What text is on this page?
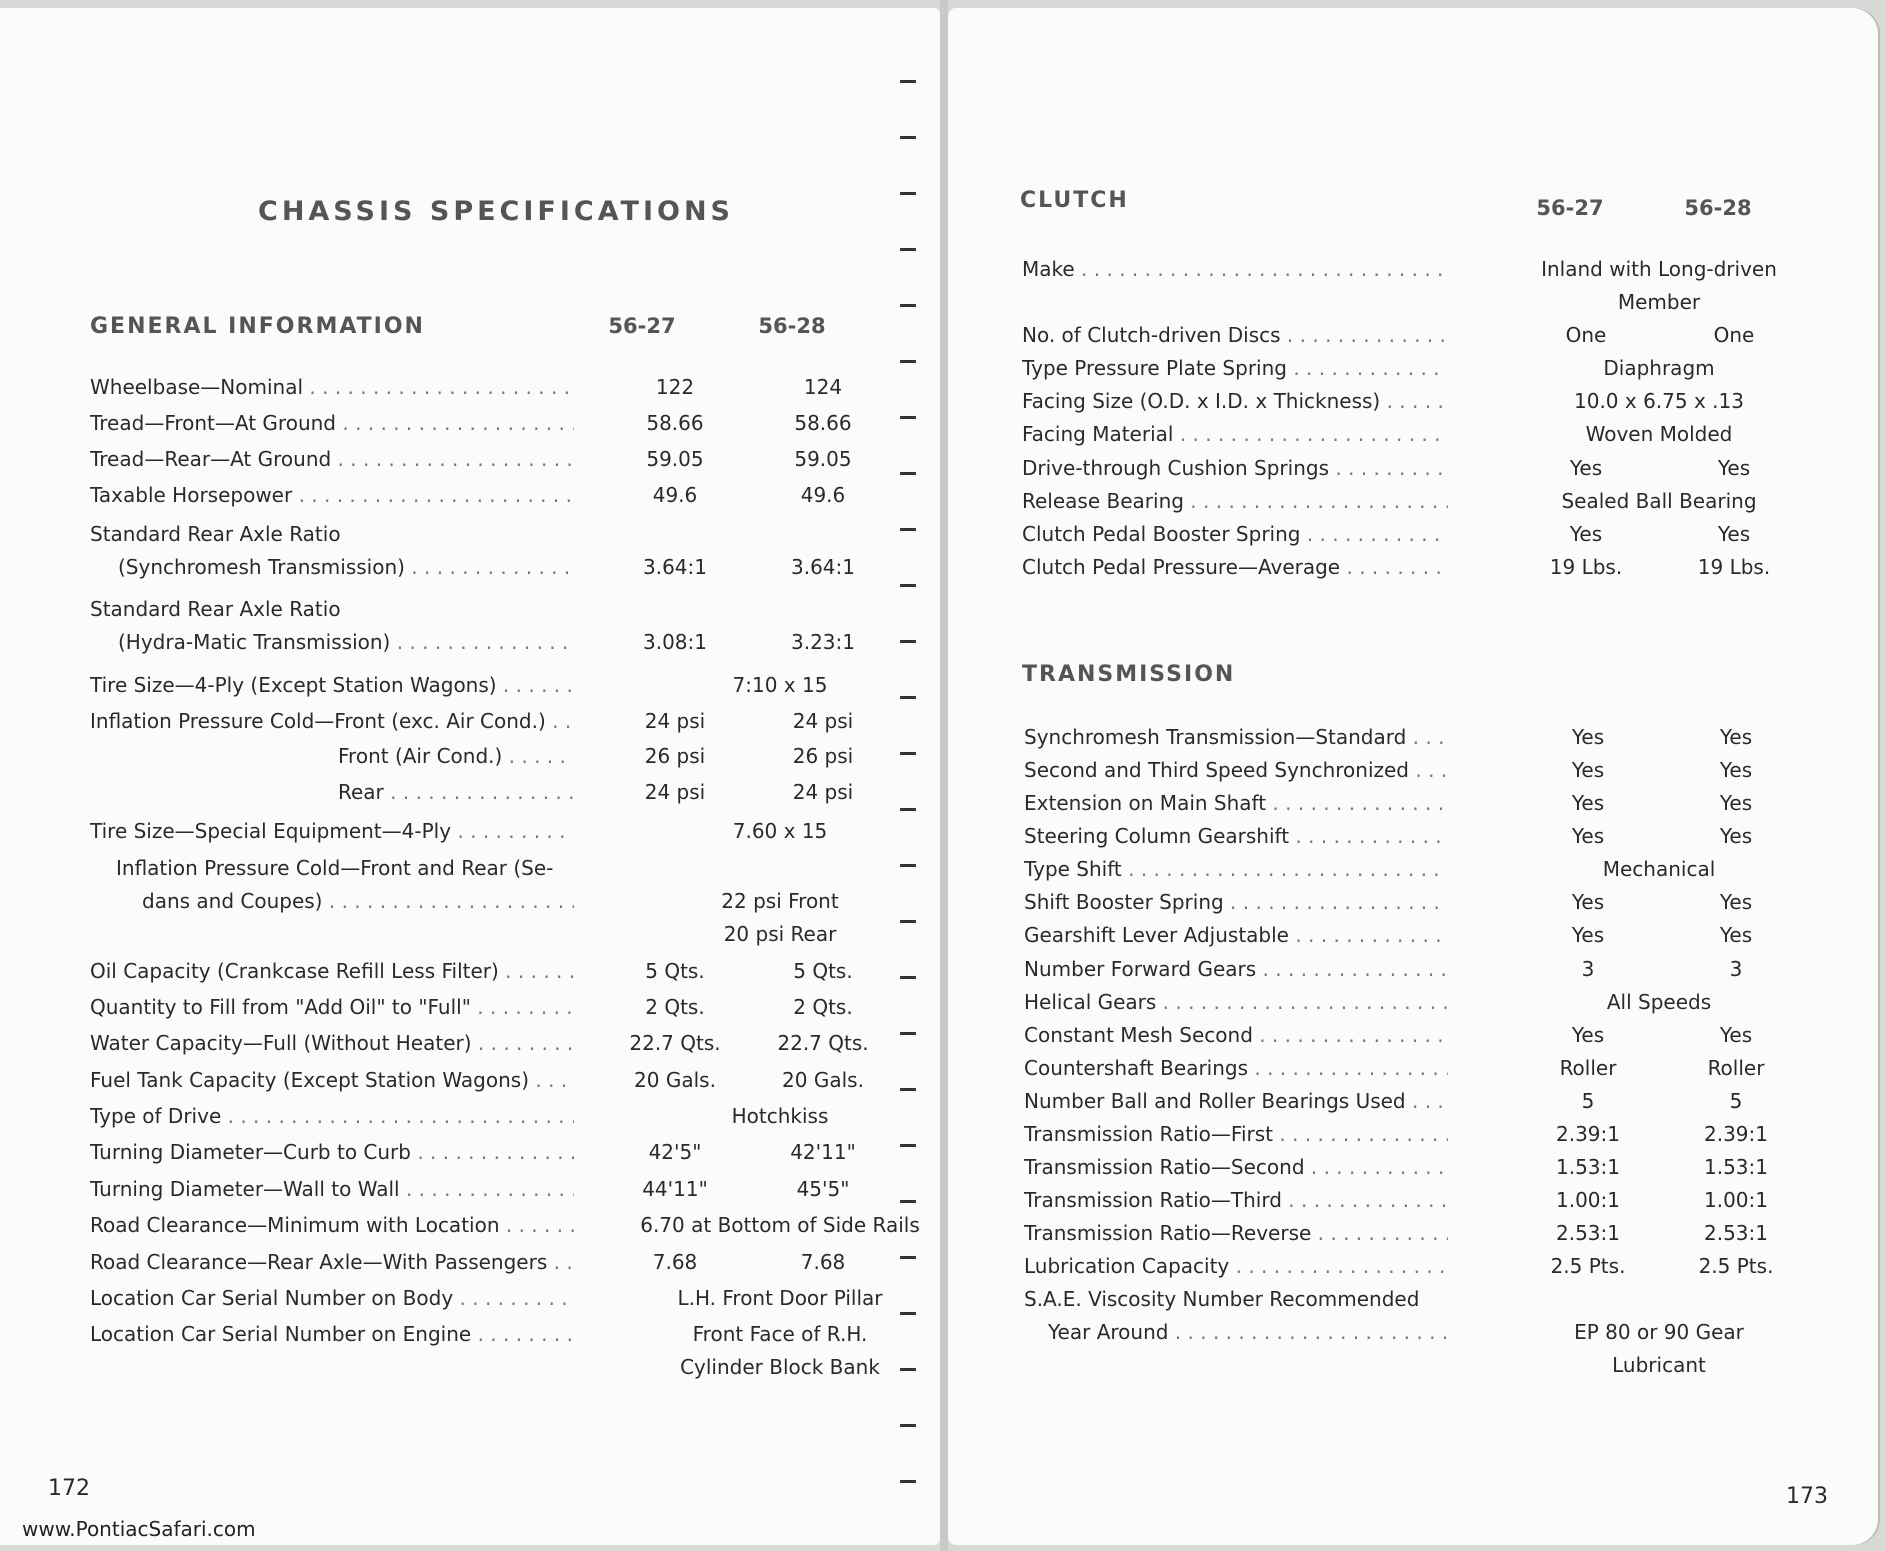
CHASSIS SPECIFICATIONS
GENERAL INFORMATION	56-27	56-28
Wheelbase—Nominal . . .	122	124
Tread—Front—At Ground . . .	58.66	58.66
Tread—Rear—At Ground . . .	59.05	59.05
Taxable Horsepower . . .	49.6	49.6
Standard Rear Axle Ratio
(Synchromesh Transmission) . . .	3.64:1	3.64:1
Standard Rear Axle Ratio
(Hydra-Matic Transmission) . . .	3.08:1	3.23:1
Tire Size—4-Ply (Except Station Wagons) . . .	7:10 x 15
Inflation Pressure Cold—Front (exc. Air Cond.) . . .	24 psi	24 psi
Front (Air Cond.) . . .	26 psi	26 psi
Rear . . .	24 psi	24 psi
Tire Size—Special Equipment—4-Ply . . .	7.60 x 15
Inflation Pressure Cold—Front and Rear (Se-
dans and Coupes) . . .	22 psi Front
20 psi Rear
Oil Capacity (Crankcase Refill Less Filter) . . .	5 Qts.	5 Qts.
Quantity to Fill from "Add Oil" to "Full" . . .	2 Qts.	2 Qts.
Water Capacity—Full (Without Heater) . . .	22.7 Qts.	22.7 Qts.
Fuel Tank Capacity (Except Station Wagons) . . .	20 Gals.	20 Gals.
Type of Drive . . .	Hotchkiss
Turning Diameter—Curb to Curb . . .	42'5"	42'11"
Turning Diameter—Wall to Wall . . .	44'11"	45'5"
Road Clearance—Minimum with Location . . .	6.70 at Bottom of Side Rails
Road Clearance—Rear Axle—With Passengers . . .	7.68	7.68
Location Car Serial Number on Body . . .	L.H. Front Door Pillar
Location Car Serial Number on Engine . . .	Front Face of R.H.
Cylinder Block Bank
172
www.PontiacSafari.com
CLUTCH	56-27	56-28
Make . . .	Inland with Long-driven
Member
No. of Clutch-driven Discs . . .	One	One
Type Pressure Plate Spring . . .	Diaphragm
Facing Size (O.D. x I.D. x Thickness) . . .	10.0 x 6.75 x .13
Facing Material . . .	Woven Molded
Drive-through Cushion Springs . . .	Yes	Yes
Release Bearing . . .	Sealed Ball Bearing
Clutch Pedal Booster Spring . . .	Yes	Yes
Clutch Pedal Pressure—Average . . .	19 Lbs.	19 Lbs.
TRANSMISSION
Synchromesh Transmission—Standard . . .	Yes	Yes
Second and Third Speed Synchronized . . .	Yes	Yes
Extension on Main Shaft . . .	Yes	Yes
Steering Column Gearshift . . .	Yes	Yes
Type Shift . . .	Mechanical
Shift Booster Spring . . .	Yes	Yes
Gearshift Lever Adjustable . . .	Yes	Yes
Number Forward Gears . . .	3	3
Helical Gears . . .	All Speeds
Constant Mesh Second . . .	Yes	Yes
Countershaft Bearings . . .	Roller	Roller
Number Ball and Roller Bearings Used . . .	5	5
Transmission Ratio—First . . .	2.39:1	2.39:1
Transmission Ratio—Second . . .	1.53:1	1.53:1
Transmission Ratio—Third . . .	1.00:1	1.00:1
Transmission Ratio—Reverse . . .	2.53:1	2.53:1
Lubrication Capacity . . .	2.5 Pts.	2.5 Pts.
S.A.E. Viscosity Number Recommended
Year Around . . .	EP 80 or 90 Gear
Lubricant
173
